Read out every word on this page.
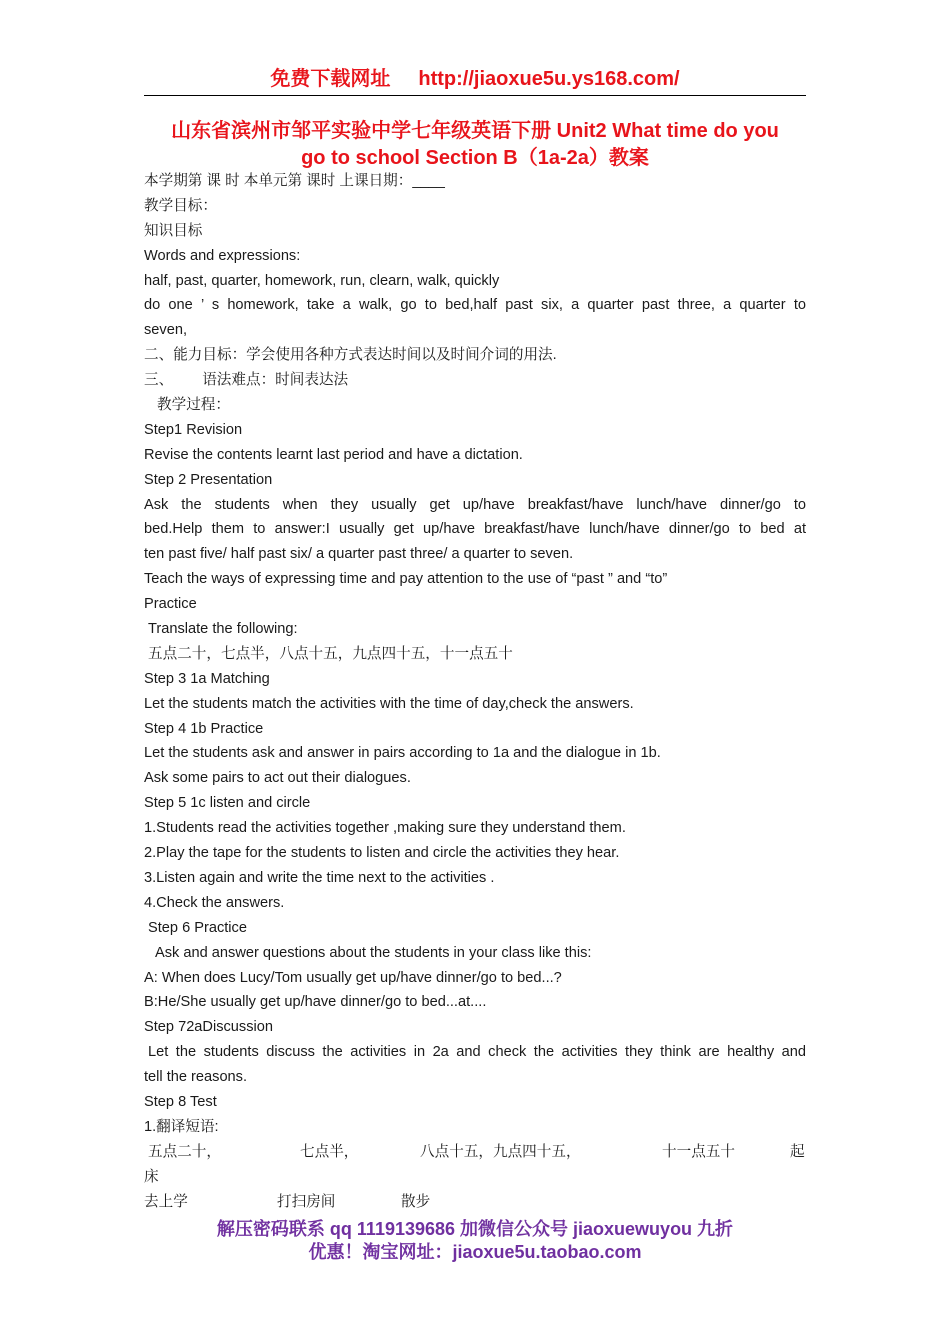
免费下载网址 http://jiaoxue5u.ys168.com/
山东省滨州市邹平实验中学七年级英语下册 Unit2 What time do you
go to school Section B（1a-2a）教案
本学期第 课 时 本单元第 课时 上课日期：____
教学目标：
知识目标
Words and expressions:
half, past, quarter, homework, run, clearn, walk, quickly
do one ’ s homework, take a walk, go to bed,half past six, a quarter past three, a quarter to
seven,
二、能力目标：学会使用各种方式表达时间以及时间介词的用法.
三、 语法难点：时间表达法
教学过程：
Step1 Revision
Revise the contents learnt last period and have a dictation.
Step 2 Presentation
Ask the students when they usually get up/have breakfast/have lunch/have dinner/go to
bed.Help them to answer:I usually get up/have breakfast/have lunch/have dinner/go to bed at
ten past five/ half past six/ a quarter past three/ a quarter to seven.
Teach the ways of expressing time and pay attention to the use of “past ” and “to”
Practice
Translate the following:
五点二十，七点半，八点十五，九点四十五，十一点五十
Step 3 1a Matching
Let the students match the activities with the time of day,check the answers.
Step 4 1b Practice
Let the students ask and answer in pairs according to 1a and the dialogue in 1b.
Ask some pairs to act out their dialogues.
Step 5 1c listen and circle
1.Students read the activities together ,making sure they understand them.
2.Play the tape for the students to listen and circle the activities they hear.
3.Listen again and write the time next to the activities .
4.Check the answers.
Step 6 Practice
Ask and answer questions about the students in your class like this:
A: When does Lucy/Tom usually get up/have dinner/go to bed...?
B:He/She usually get up/have dinner/go to bed...at....
Step 72aDiscussion
Let the students discuss the activities in 2a and check the activities they think are healthy and
tell the reasons.
Step 8 Test
1.翻译短语:
五点二十，	七点半，	八点十五，九点四十五，	十一点五十	起
床
去上学	打扫房间	散步
解压密码联系 qq 1119139686 加微信公众号 jiaoxuewuyou 九折
优惠！淘宝网址：jiaoxue5u.taobao.com
